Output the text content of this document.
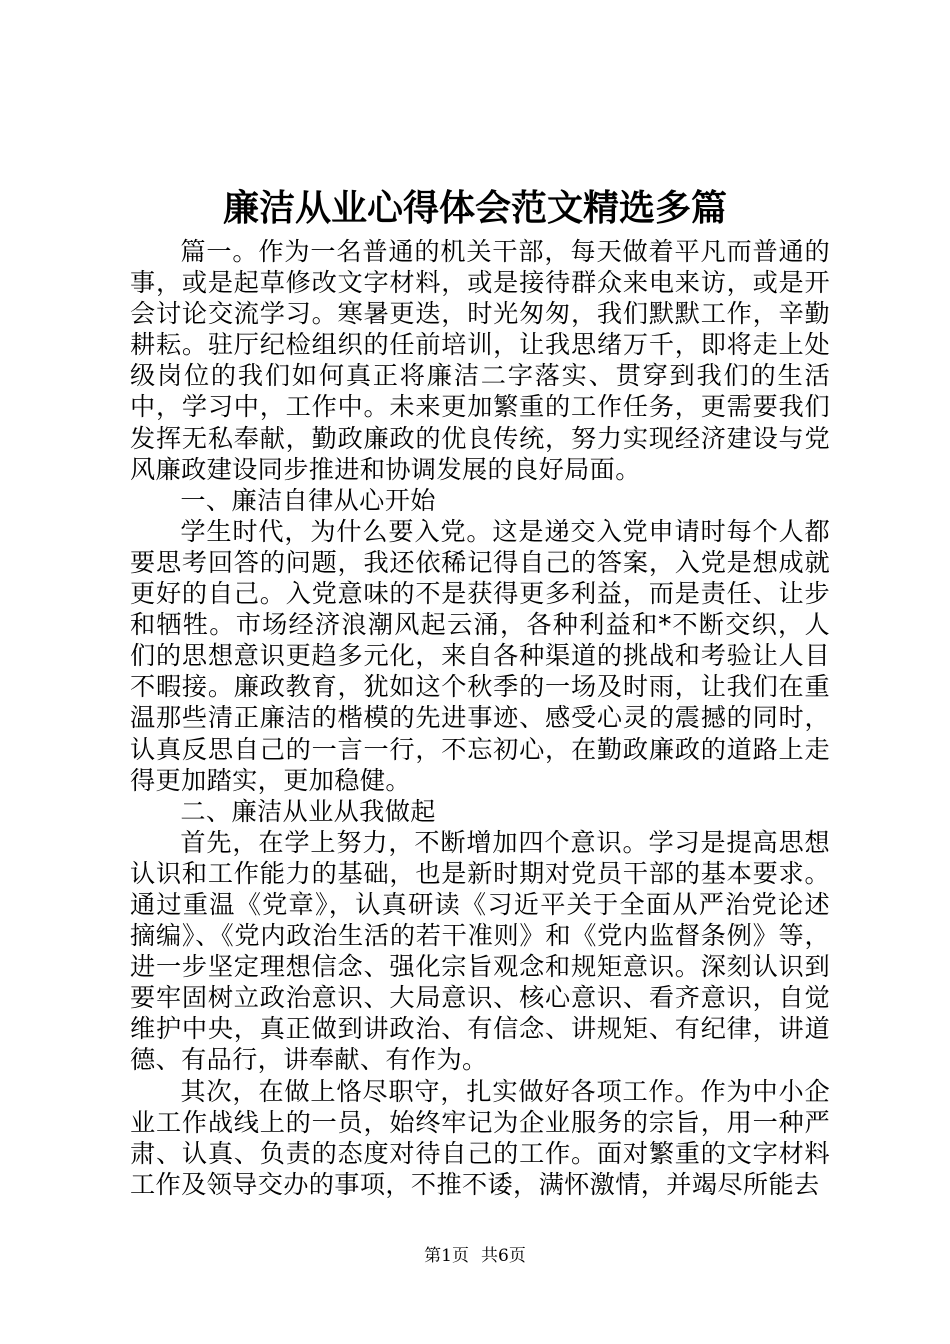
廉洁从业心得体会范文精选多篇

篇一。作为一名普通的机关干部，每天做着平凡而普通的事，或是起草修改文字材料，或是接待群众来电来访，或是开会讨论交流学习。寒暑更迭，时光匆匆，我们默默工作，辛勤耕耘。驻厅纪检组织的任前培训，让我思绪万千，即将走上处级岗位的我们如何真正将廉洁二字落实、贯穿到我们的生活中，学习中，工作中。未来更加繁重的工作任务，更需要我们发挥无私奉献，勤政廉政的优良传统，努力实现经济建设与党风廉政建设同步推进和协调发展的良好局面。

一、廉洁自律从心开始

学生时代，为什么要入党。这是递交入党申请时每个人都要思考回答的问题，我还依稀记得自己的答案，入党是想成就更好的自己。入党意味的不是获得更多利益，而是责任、让步和牺牲。市场经济浪潮风起云涌，各种利益和*不断交织，人们的思想意识更趋多元化，来自各种渠道的挑战和考验让人目不暇接。廉政教育，犹如这个秋季的一场及时雨，让我们在重温那些清正廉洁的楷模的先进事迹、感受心灵的震撼的同时，认真反思自己的一言一行，不忘初心，在勤政廉政的道路上走得更加踏实，更加稳健。

二、廉洁从业从我做起

首先，在学上努力，不断增加四个意识。学习是提高思想认识和工作能力的基础，也是新时期对党员干部的基本要求。通过重温《党章》，认真研读《习近平关于全面从严治党论述摘编》、《党内政治生活的若干准则》和《党内监督条例》等，进一步坚定理想信念、强化宗旨观念和规矩意识。深刻认识到要牢固树立政治意识、大局意识、核心意识、看齐意识，自觉维护中央，真正做到讲政治、有信念、讲规矩、有纪律，讲道德、有品行，讲奉献、有作为。

其次，在做上恪尽职守，扎实做好各项工作。作为中小企业工作战线上的一员，始终牢记为企业服务的宗旨，用一种严肃、认真、负责的态度对待自己的工作。面对繁重的文字材料工作及领导交办的事项，不推不诿，满怀激情，并竭尽所能去

第1页 共6页
